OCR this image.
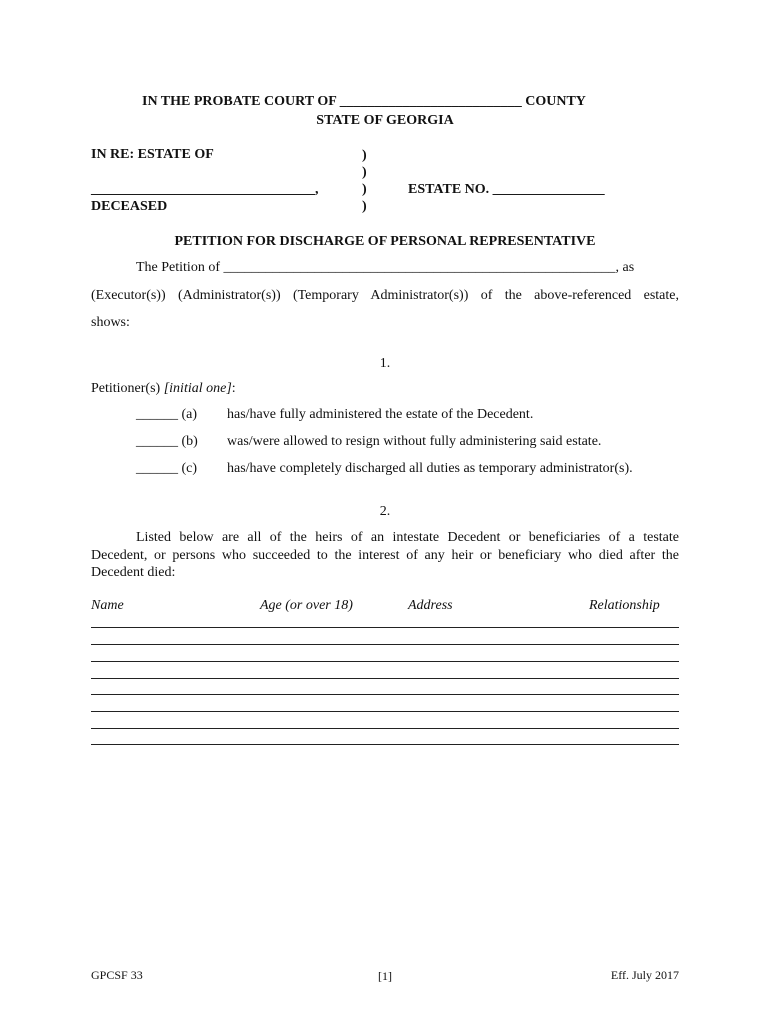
IN THE PROBATE COURT OF __________________________ COUNTY
STATE OF GEORGIA
IN RE: ESTATE OF
________________________________,
DECEASED
)
)
)
)
ESTATE NO. ________________
PETITION FOR DISCHARGE OF PERSONAL REPRESENTATIVE
The Petition of ________________________________________________________, as
(Executor(s)) (Administrator(s)) (Temporary Administrator(s)) of the above-referenced estate,
shows:
1.
Petitioner(s) [initial one]:
______ (a) has/have fully administered the estate of the Decedent.
______ (b) was/were allowed to resign without fully administering said estate.
______ (c) has/have completely discharged all duties as temporary administrator(s).
2.
Listed below are all of the heirs of an intestate Decedent or beneficiaries of a testate
Decedent, or persons who succeeded to the interest of any heir or beneficiary who died after the
Decedent died:
Name	Age (or over 18)	Address	Relationship
GPCSF 33	[1]	Eff. July 2017
